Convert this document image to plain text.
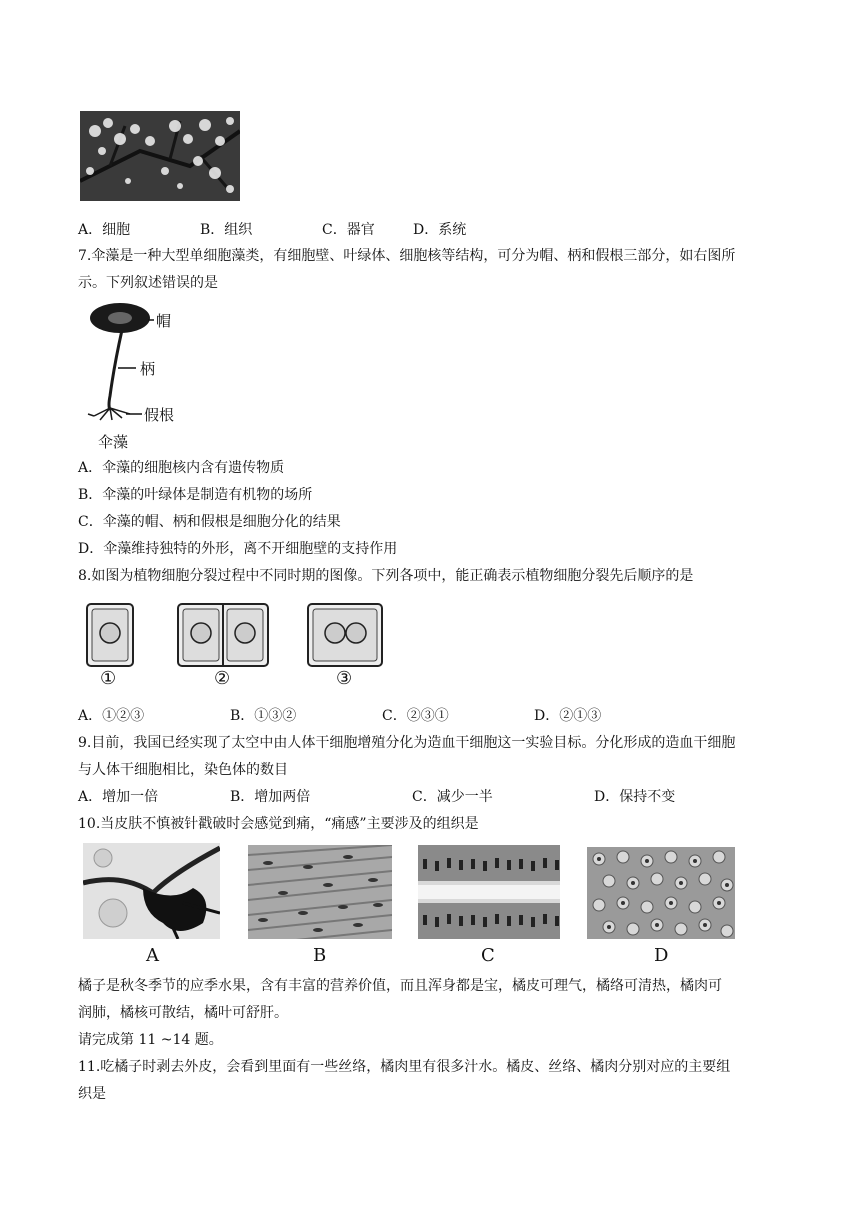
A．细胞	B．组织	C．器官	D．系统
7.伞藻是一种大型单细胞藻类，有细胞壁、叶绿体、细胞核等结构，可分为帽、柄和假根三部分，如右图所
示。下列叙述错误的是
帽
柄
假根
伞藻
A．伞藻的细胞核内含有遗传物质
B．伞藻的叶绿体是制造有机物的场所
C．伞藻的帽、柄和假根是细胞分化的结果
D．伞藻维持独特的外形，离不开细胞壁的支持作用
8.如图为植物细胞分裂过程中不同时期的图像。下列各项中，能正确表示植物细胞分裂先后顺序的是
①	②	③
A．①②③	B．①③②	C．②③①	D．②①③
9.目前，我国已经实现了太空中由人体干细胞增殖分化为造血干细胞这一实验目标。分化形成的造血干细胞
与人体干细胞相比，染色体的数目
A．增加一倍	B．增加两倍	C．减少一半	D．保持不变
10.当皮肤不慎被针戳破时会感觉到痛，“痛感”主要涉及的组织是
A	B	C	D
橘子是秋冬季节的应季水果，含有丰富的营养价值，而且浑身都是宝，橘皮可理气，橘络可清热，橘肉可
润肺，橘核可散结，橘叶可舒肝。
请完成第 11 ~14 题。
11.吃橘子时剥去外皮，会看到里面有一些丝络，橘肉里有很多汁水。橘皮、丝络、橘肉分别对应的主要组
织是
